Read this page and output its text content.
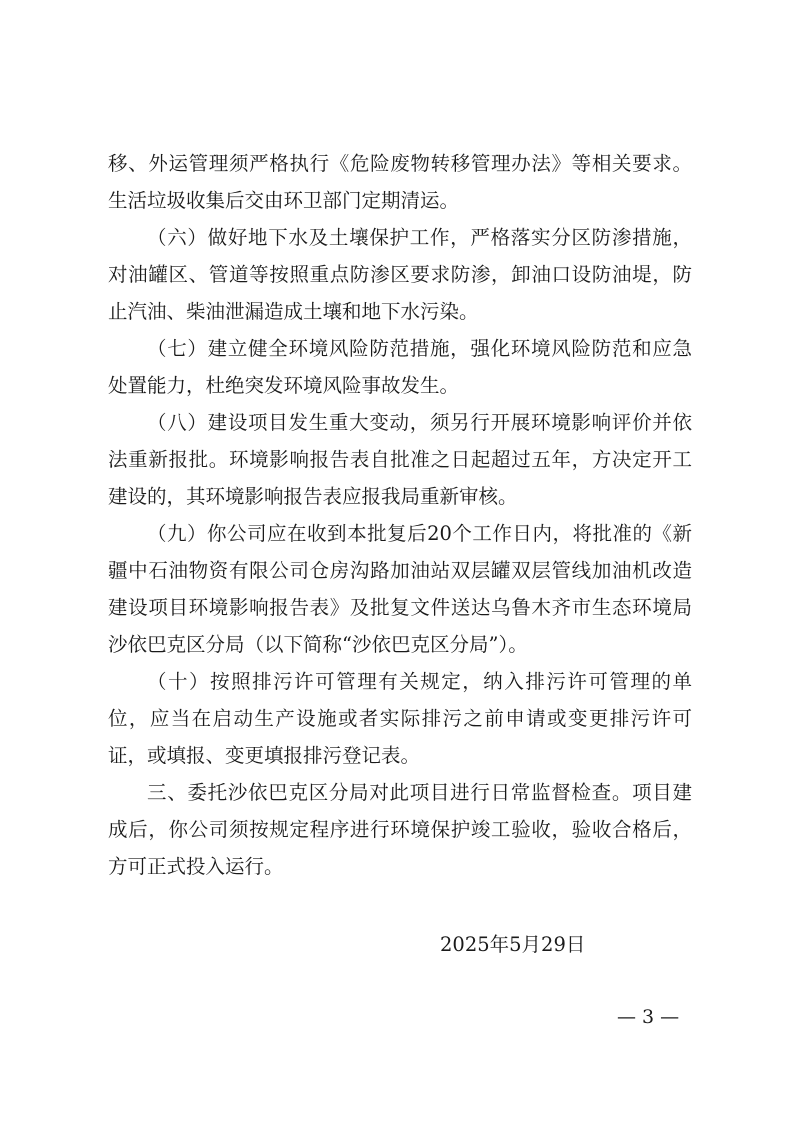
移、外运管理须严格执行《危险废物转移管理办法》等相关要求。生活垃圾收集后交由环卫部门定期清运。

（六）做好地下水及土壤保护工作，严格落实分区防渗措施，对油罐区、管道等按照重点防渗区要求防渗，卸油口设防油堤，防止汽油、柴油泄漏造成土壤和地下水污染。

（七）建立健全环境风险防范措施，强化环境风险防范和应急处置能力，杜绝突发环境风险事故发生。

（八）建设项目发生重大变动，须另行开展环境影响评价并依法重新报批。环境影响报告表自批准之日起超过五年，方决定开工建设的，其环境影响报告表应报我局重新审核。

（九）你公司应在收到本批复后20个工作日内，将批准的《新疆中石油物资有限公司仓房沟路加油站双层罐双层管线加油机改造建设项目环境影响报告表》及批复文件送达乌鲁木齐市生态环境局沙依巴克区分局（以下简称“沙依巴克区分局”）。

（十）按照排污许可管理有关规定，纳入排污许可管理的单位，应当在启动生产设施或者实际排污之前申请或变更排污许可证，或填报、变更填报排污登记表。

三、委托沙依巴克区分局对此项目进行日常监督检查。项目建成后，你公司须按规定程序进行环境保护竣工验收，验收合格后，方可正式投入运行。

2025年5月29日
— 3 —
